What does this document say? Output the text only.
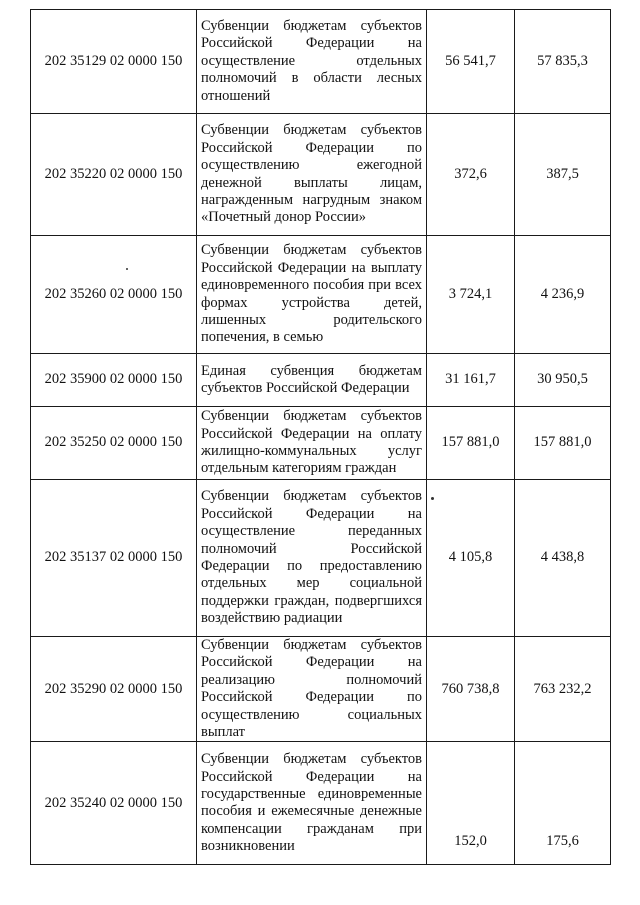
202 35129 02 0000 150	Субвенции бюджетам субъектов Российской Федерации на осуществление отдельных полномочий в области лесных отношений	56 541,7	57 835,3
202 35220 02 0000 150	Субвенции бюджетам субъектов Российской Федерации по осуществлению ежегодной денежной выплаты лицам, награжденным нагрудным знаком «Почетный донор России»	372,6	387,5
202 35260 02 0000 150	Субвенции бюджетам субъектов Российской Федерации на выплату единовременного пособия при всех формах устройства детей, лишенных родительского попечения, в семью	3 724,1	4 236,9
202 35900 02 0000 150	Единая субвенция бюджетам субъектов Российской Федерации	31 161,7	30 950,5
202 35250 02 0000 150	Субвенции бюджетам субъектов Российской Федерации на оплату жилищно-коммунальных услуг отдельным категориям граждан	157 881,0	157 881,0
202 35137 02 0000 150	Субвенции бюджетам субъектов Российской Федерации на осуществление переданных полномочий Российской Федерации по предоставлению отдельных мер социальной поддержки граждан, подвергшихся воздействию радиации	4 105,8	4 438,8
202 35290 02 0000 150	Субвенции бюджетам субъектов Российской Федерации на реализацию полномочий Российской Федерации по осуществлению социальных выплат	760 738,8	763 232,2
202 35240 02 0000 150	Субвенции бюджетам субъектов Российской Федерации на государственные единовременные пособия и ежемесячные денежные компенсации гражданам при возникновении	152,0	175,6
